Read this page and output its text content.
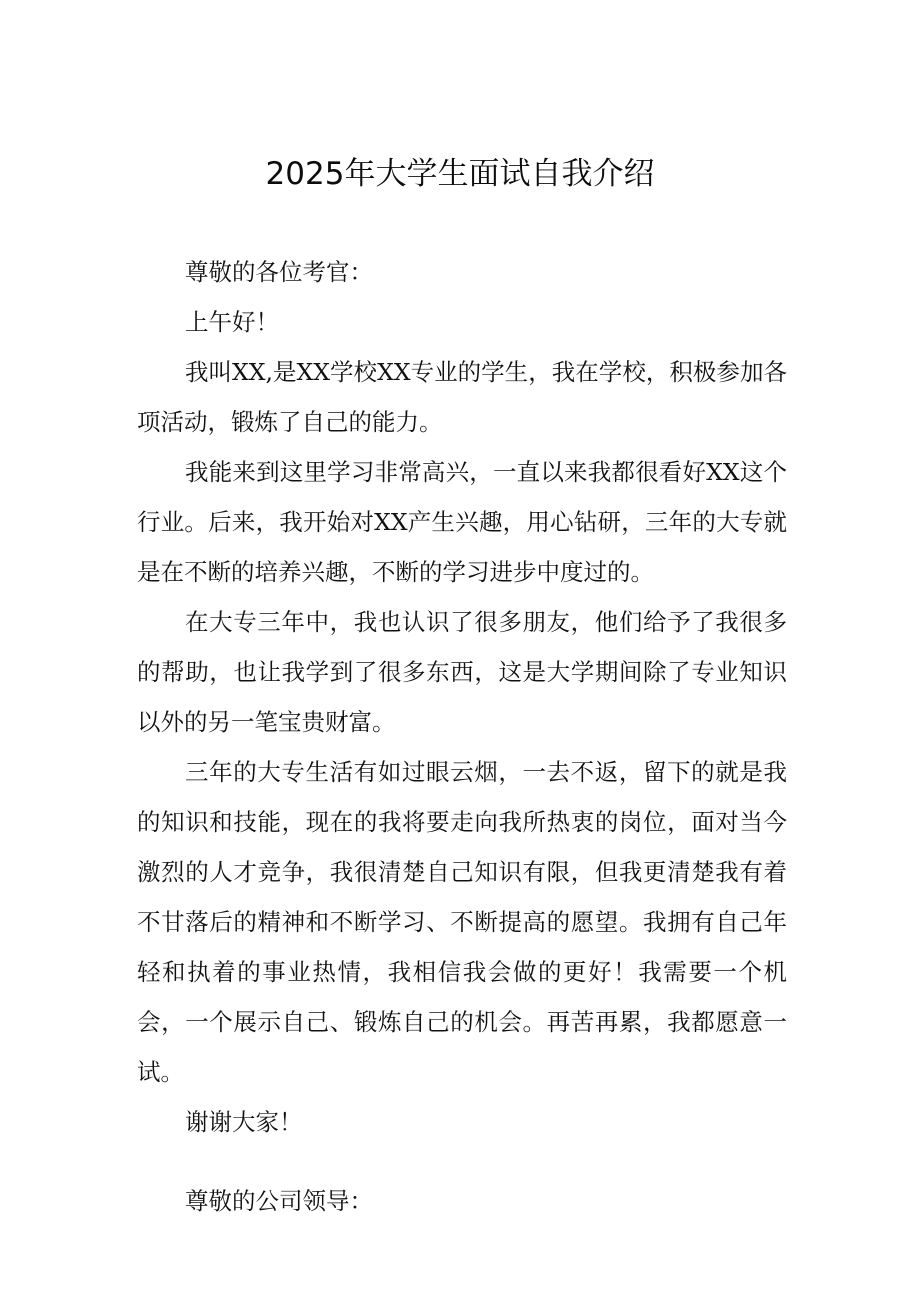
2025年大学生面试自我介绍

尊敬的各位考官：

上午好！

我叫XX,是XX学校XX专业的学生，我在学校，积极参加各项活动，锻炼了自己的能力。

我能来到这里学习非常高兴，一直以来我都很看好XX这个行业。后来，我开始对XX产生兴趣，用心钻研，三年的大专就是在不断的培养兴趣，不断的学习进步中度过的。

在大专三年中，我也认识了很多朋友，他们给予了我很多的帮助，也让我学到了很多东西，这是大学期间除了专业知识以外的另一笔宝贵财富。

三年的大专生活有如过眼云烟，一去不返，留下的就是我的知识和技能，现在的我将要走向我所热衷的岗位，面对当今激烈的人才竞争，我很清楚自己知识有限，但我更清楚我有着不甘落后的精神和不断学习、不断提高的愿望。我拥有自己年轻和执着的事业热情，我相信我会做的更好！我需要一个机会，一个展示自己、锻炼自己的机会。再苦再累，我都愿意一试。

谢谢大家！

尊敬的公司领导：
